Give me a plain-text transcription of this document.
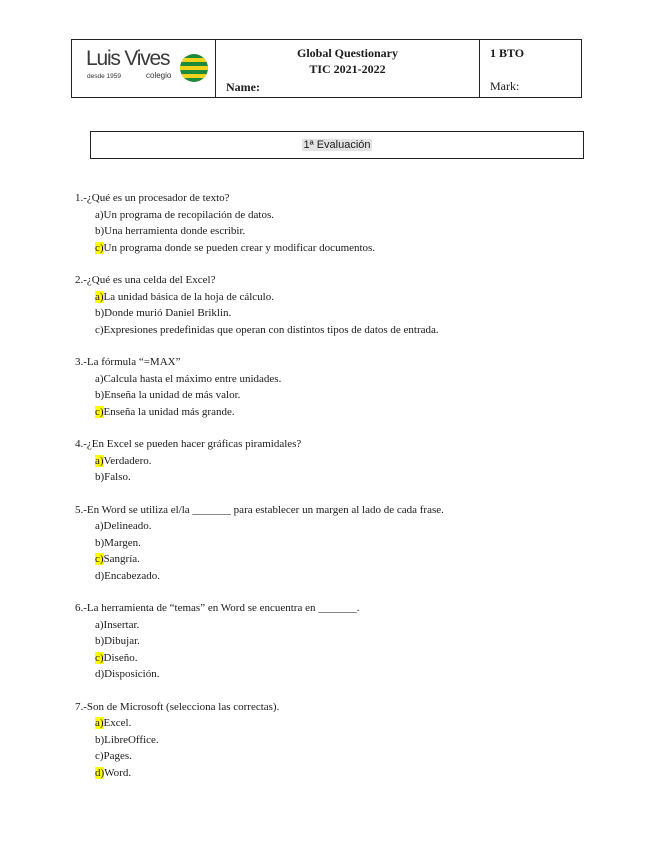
Luis Vives
desde 1959	colegio
Global Questionary
TIC 2021-2022
Name:
1 BTO
Mark:
1ª Evaluación
1.-¿Qué es un procesador de texto?
a)Un programa de recopilación de datos.
b)Una herramienta donde escribir.
c)Un programa donde se pueden crear y modificar documentos.
2.-¿Qué es una celda del Excel?
a)La unidad básica de la hoja de cálculo.
b)Donde murió Daniel Briklin.
c)Expresiones predefinidas que operan con distintos tipos de datos de entrada.
3.-La fórmula “=MAX”
a)Calcula hasta el máximo entre unidades.
b)Enseña la unidad de más valor.
c)Enseña la unidad más grande.
4.-¿En Excel se pueden hacer gráficas piramidales?
a)Verdadero.
b)Falso.
5.-En Word se utiliza el/la _______ para establecer un margen al lado de cada frase.
a)Delineado.
b)Margen.
c)Sangría.
d)Encabezado.
6.-La herramienta de “temas” en Word se encuentra en _______.
a)Insertar.
b)Dibujar.
c)Diseño.
d)Disposición.
7.-Son de Microsoft (selecciona las correctas).
a)Excel.
b)LibreOffice.
c)Pages.
d)Word.
